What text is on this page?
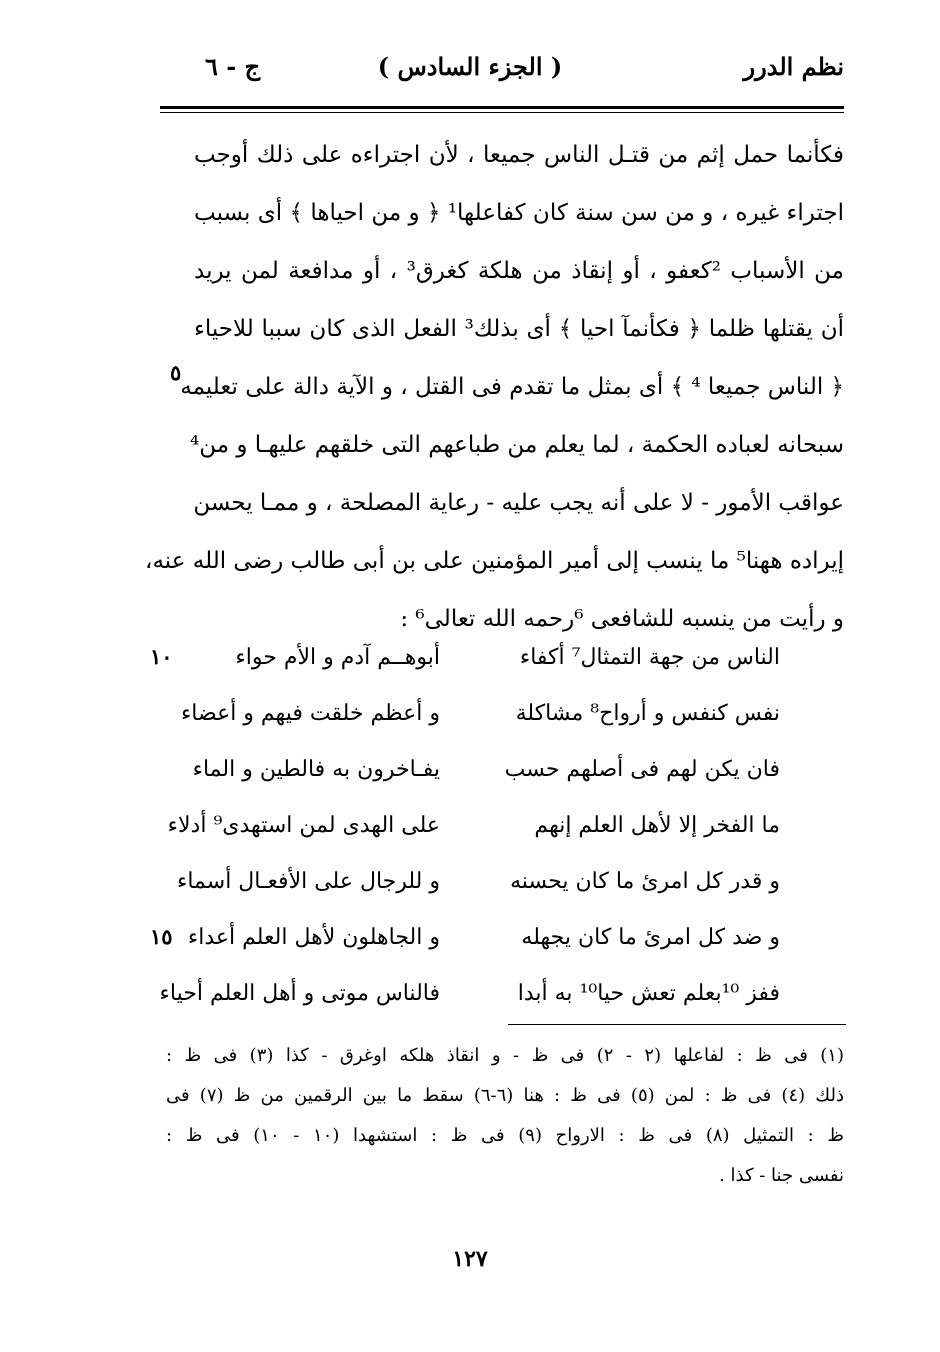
نظم الدرر
( الجزء السادس )
ج - ٦
فكأنما حمل إثم من قتـل الناس جميعا ، لأن اجتراءه على ذلك أوجب
اجتراء غيره ، و من سن سنة كان كفاعلها¹ ﴿ و من احياها ﴾ أى بسبب
من الأسباب ²كعفو ، أو إنقاذ من هلكة كغرق³ ، أو مدافعة لمن يريد
أن يقتلها ظلما ﴿ فكأنمآ احيا ﴾ أى بذلك³ الفعل الذى كان سببا للاحياء
﴿ الناس جميعا ⁴ ﴾ أى بمثل ما تقدم فى القتل ، و الآية دالة على تعليمه
سبحانه لعباده الحكمة ، لما يعلم من طباعهم التى خلقهم عليهـا و من⁴
عواقب الأمور - لا على أنه يجب عليه - رعاية المصلحة ، و ممـا يحسن
إيراده ههنا⁵ ما ينسب إلى أمير المؤمنين على بن أبى طالب رضى الله عنه،
و رأيت من ينسبه للشافعى ⁶رحمه الله تعالى⁶ :
٥
١٠
١٥
الناس من جهة التمثال⁷ أكفاء
أبوهــم آدم و الأم حواء
نفس كنفس و أرواح⁸ مشاكلة
و أعظم خلقت فيهم و أعضاء
فان يكن لهم فى أصلهم حسب
يفـاخرون به فالطين و الماء
ما الفخر إلا لأهل العلم إنهم
على الهدى لمن استهدى⁹ أدلاء
و قدر كل امرئ ما كان يحسنه
و للرجال على الأفعـال أسماء
و ضد كل امرئ ما كان يجهله
و الجاهلون لأهل العلم أعداء
ففز ¹⁰بعلم تعش حيا¹⁰ به أبدا
فالناس موتى و أهل العلم أحياء
(١) فى ظ : لفاعلها (٢ - ٢) فى ظ - و انقاذ هلكه اوغرق - كذا (٣) فى ظ :
ذلك (٤) فى ظ : لمن (٥) فى ظ : هنا (٦-٦) سقط ما بين الرقمين من ظ (٧) فى
ظ : التمثيل (٨) فى ظ : الارواح (٩) فى ظ : استشهدا (١٠ - ١٠) فى ظ :
نفسى جنا - كذا .
١٢٧
